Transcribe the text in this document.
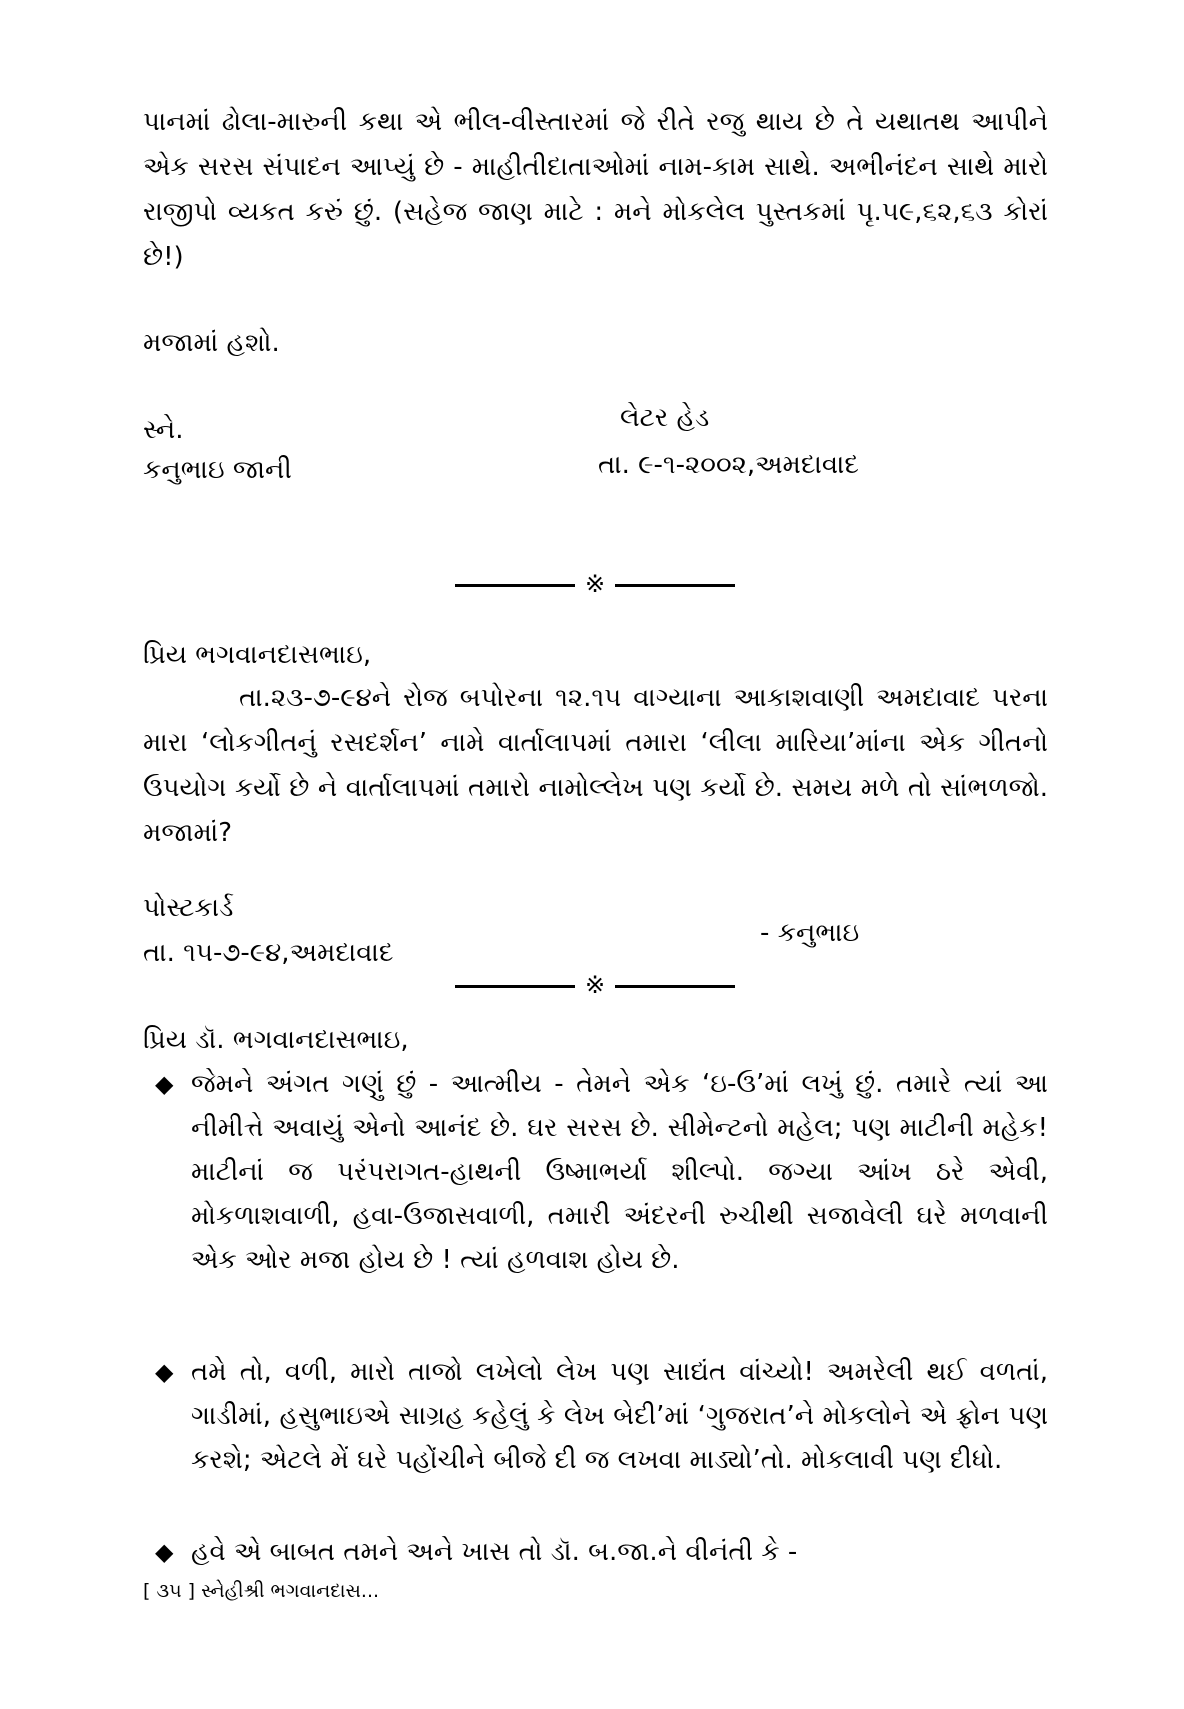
પાનમાં ઢોલા-મારુની કથા એ ભીલ-વીસ્તારમાં જે રીતે રજુ થાય છે તે યથાતથ આપીને એક સરસ સંપાદન આપ્યું છે - માહીતીદાતાઓમાં નામ-કામ સાથે. અભીનંદન સાથે મારો રાજીપો વ્યકત કરું છું. (સહેજ જાણ માટે : મને મોકલેલ પુસ્તકમાં પૃ.૫૯,૬૨,૬૩ કોરાં છે!)

મજામાં હશો.
સ્ને.	લેટર હેડ
કનુભાઇ જાની	તા. ૯-૧-૨૦૦૨,અમદાવાદ
※
પ્રિય ભગવાનદાસભાઇ,

તા.૨૩-૭-૯૪ને રોજ બપોરના ૧૨.૧૫ વાગ્યાના આકાશવાણી અમદાવાદ પરના મારા ‘લોકગીતનું રસદર્શન’ નામે વાર્તાલાપમાં તમારા ‘લીલા મારિયા’માંના એક ગીતનો ઉપયોગ કર્યો છે ને વાર્તાલાપમાં તમારો નામોલ્લેખ પણ કર્યો છે. સમય મળે તો સાંભળજો. મજામાં?

પોસ્ટકાર્ડ
તા. ૧૫-૭-૯૪,અમદાવાદ
- કનુભાઇ
※
પ્રિય ડૉ. ભગવાનદાસભાઇ,
◆ જેમને અંગત ગણું છું - આત્મીય - તેમને એક ‘ઇ-ઉ’માં લખું છું. તમારે ત્યાં આ નીમીત્તે અવાયું એનો આનંદ છે. ઘર સરસ છે. સીમેન્ટનો મહેલ; પણ માટીની મહેક! માટીનાં જ પરંપરાગત-હાથની ઉષ્માભર્યા શીલ્પો. જગ્યા આંખ ઠરે એવી, મોકળાશવાળી, હવા-ઉજાસવાળી, તમારી અંદરની રુચીથી સજાવેલી ઘરે મળવાની એક ઓર મજા હોય છે ! ત્યાં હળવાશ હોય છે.
◆ તમે તો, વળી, મારો તાજો લખેલો લેખ પણ સાદ્યંત વાંચ્યો! અમરેલી થઈ વળતાં, ગાડીમાં, હસુભાઇએ સાગ્રહ કહેલું કે લેખ બેદી’માં ‘ગુજરાત’ને મોકલોને એ ફ્રોન પણ કરશે; એટલે મેં ઘરે પહોંચીને બીજે દી જ લખવા માડ્યો’તો. મોકલાવી પણ દીધો.
◆ હવે એ બાબત તમને અને ખાસ તો ડૉ. બ.જા.ને વીનંતી કે -
[ ૩૫ ] સ્નેહીશ્રી ભગવાનદાસ...
